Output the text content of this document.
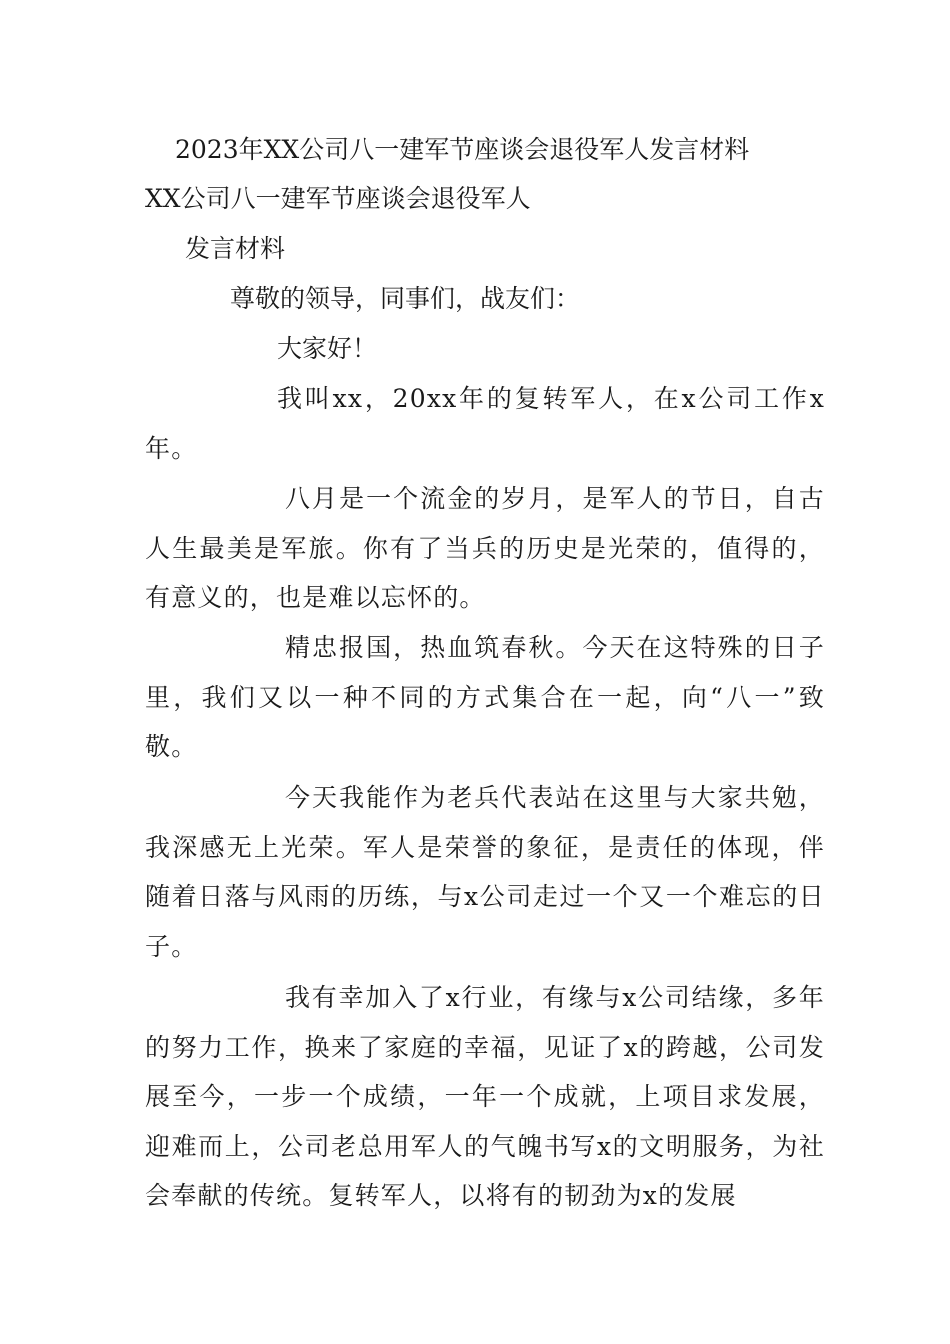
2023年XX公司八一建军节座谈会退役军人发言材料

XX公司八一建军节座谈会退役军人

发言材料

尊敬的领导，同事们，战友们：

大家好！

我叫xx，20xx年的复转军人，在x公司工作x年。

八月是一个流金的岁月，是军人的节日，自古人生最美是军旅。你有了当兵的历史是光荣的，值得的，有意义的，也是难以忘怀的。

精忠报国，热血筑春秋。今天在这特殊的日子里，我们又以一种不同的方式集合在一起，向“八一”致敬。

今天我能作为老兵代表站在这里与大家共勉，我深感无上光荣。军人是荣誉的象征，是责任的体现，伴随着日落与风雨的历练，与x公司走过一个又一个难忘的日子。

我有幸加入了x行业，有缘与x公司结缘，多年的努力工作，换来了家庭的幸福，见证了x的跨越，公司发展至今，一步一个成绩，一年一个成就，上项目求发展，迎难而上，公司老总用军人的气魄书写x的文明服务，为社会奉献的传统。复转军人，以将有的韧劲为x的发展
